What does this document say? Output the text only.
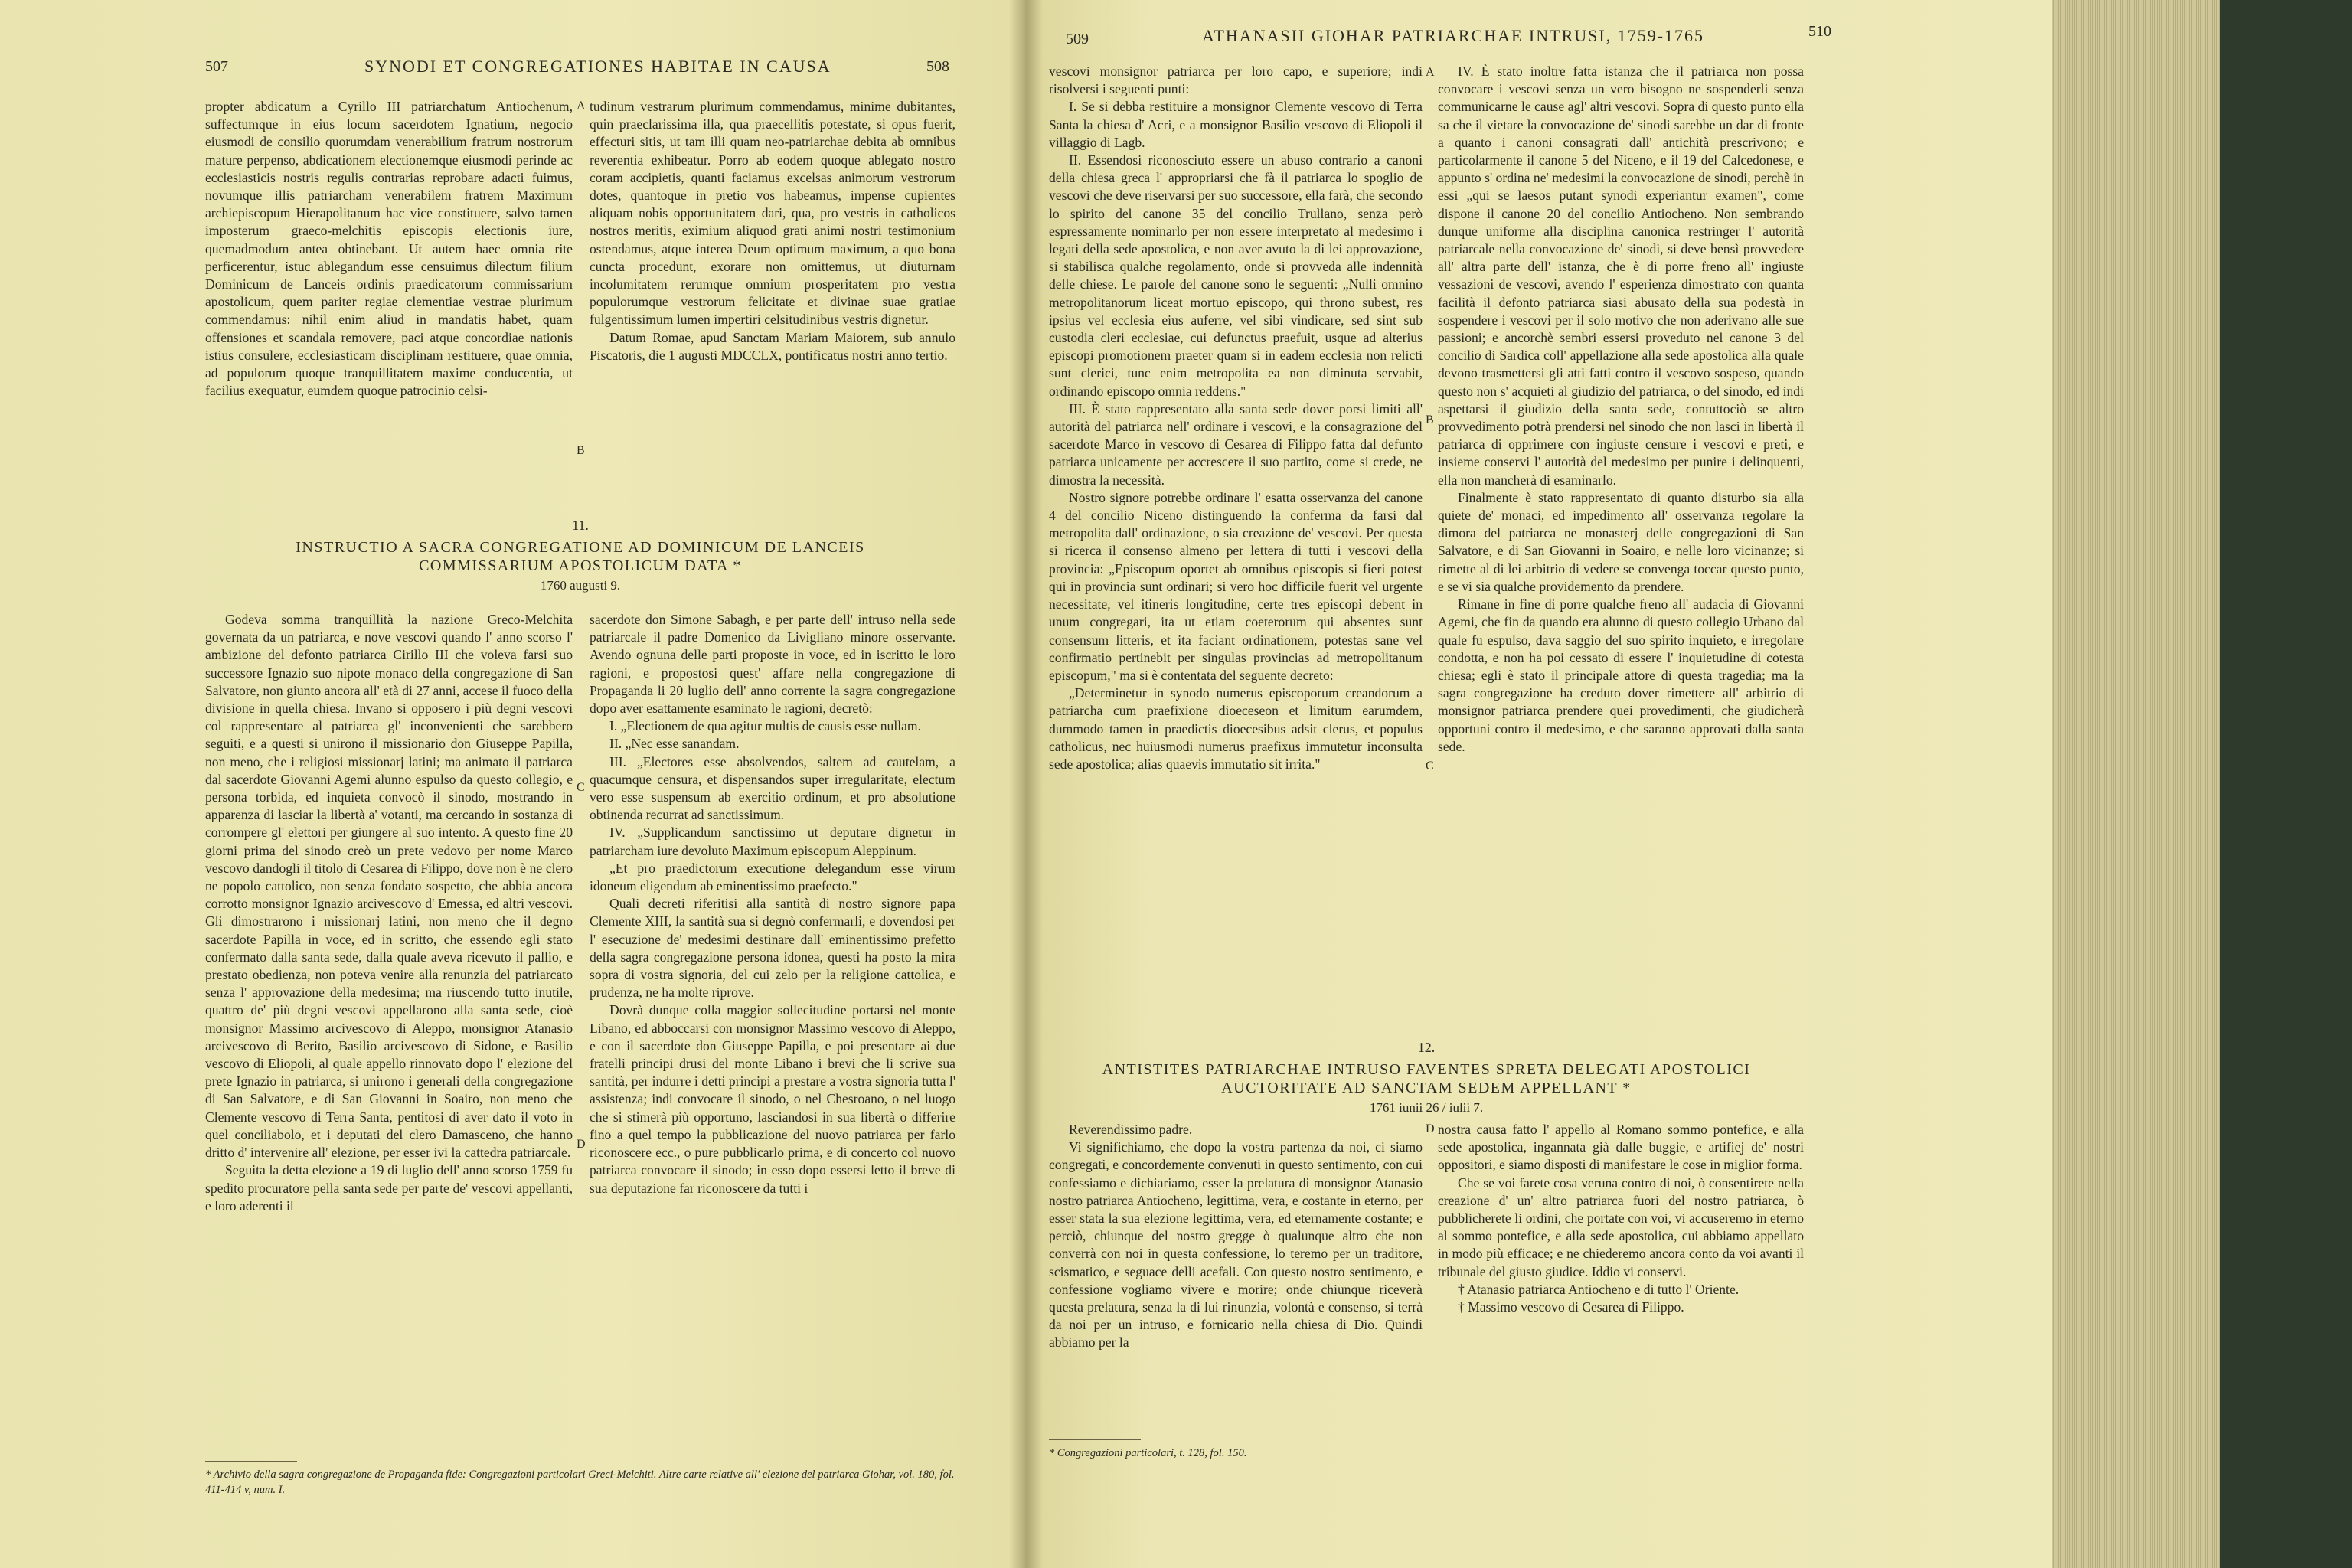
507	SYNODI ET CONGREGATIONES HABITAE IN CAUSA	508

propter abdicatum a Cyrillo III patriarchatum Antiochenum, suffectumque in eius locum sacerdotem Ignatium, negocio eiusmodi de consilio quorumdam venerabilium fratrum nostrorum mature perpenso, abdicationem electionemque eiusmodi perinde ac ecclesiasticis nostris regulis contrarias reprobare adacti fuimus, novumque illis patriarcham venerabilem fratrem Maximum archiepiscopum Hierapolitanum hac vice constituere, salvo tamen imposterum graeco-melchitis episcopis electionis iure, quemadmodum antea obtinebant. Ut autem haec omnia rite perficerentur, istuc ablegandum esse censuimus dilectum filium Dominicum de Lanceis ordinis praedicatorum commissarium apostolicum, quem pariter regiae clementiae vestrae plurimum commendamus: nihil enim aliud in mandatis habet, quam offensiones et scandala removere, paci atque concordiae nationis istius consulere, ecclesiasticam disciplinam restituere, quae omnia, ad populorum quoque tranquillitatem maxime conducentia, ut facilius exequatur, eumdem quoque patrocinio celsi-

tudinum vestrarum plurimum commendamus, minime dubitantes, quin praeclarissima illa, qua praecellitis potestate, si opus fuerit, effecturi sitis, ut tam illi quam neo-patriarchae debita ab omnibus reverentia exhibeatur. Porro ab eodem quoque ablegato nostro coram accipietis, quanti faciamus excelsas animorum vestrorum dotes, quantoque in pretio vos habeamus, impense cupientes aliquam nobis opportunitatem dari, qua, pro vestris in catholicos nostros meritis, eximium aliquod grati animi nostri testimonium ostendamus, atque interea Deum optimum maximum, a quo bona cuncta procedunt, exorare non omittemus, ut diuturnam incolumitatem rerumque omnium prosperitatem pro vestra populorumque vestrorum felicitate et divinae suae gratiae fulgentissimum lumen impertiri celsitudinibus vestris dignetur.

Datum Romae, apud Sanctam Mariam Maiorem, sub annulo Piscatoris, die 1 augusti MDCCLX, pontificatus nostri anno tertio.

A
B
C
D
11.
INSTRUCTIO A SACRA CONGREGATIONE AD DOMINICUM DE LANCEIS
COMMISSARIUM APOSTOLICUM DATA *
1760 augusti 9.

Godeva somma tranquillità la nazione Greco-Melchita governata da un patriarca, e nove vescovi quando l' anno scorso l' ambizione del defonto patriarca Cirillo III che voleva farsi suo successore Ignazio suo nipote monaco della congregazione di San Salvatore, non giunto ancora all' età di 27 anni, accese il fuoco della divisione in quella chiesa. Invano si opposero i più degni vescovi col rappresentare al patriarca gl' inconvenienti che sarebbero seguiti, e a questi si unirono il missionario don Giuseppe Papilla, non meno, che i religiosi missionarj latini; ma animato il patriarca dal sacerdote Giovanni Agemi alunno espulso da questo collegio, e persona torbida, ed inquieta convocò il sinodo, mostrando in apparenza di lasciar la libertà a' votanti, ma cercando in sostanza di corrompere gl' elettori per giungere al suo intento. A questo fine 20 giorni prima del sinodo creò un prete vedovo per nome Marco vescovo dandogli il titolo di Cesarea di Filippo, dove non è ne clero ne popolo cattolico, non senza fondato sospetto, che abbia ancora corrotto monsignor Ignazio arcivescovo d' Emessa, ed altri vescovi. Gli dimostrarono i missionarj latini, non meno che il degno sacerdote Papilla in voce, ed in scritto, che essendo egli stato confermato dalla santa sede, dalla quale aveva ricevuto il pallio, e prestato obedienza, non poteva venire alla renunzia del patriarcato senza l' approvazione della medesima; ma riuscendo tutto inutile, quattro de' più degni vescovi appellarono alla santa sede, cioè monsignor Massimo arcivescovo di Aleppo, monsignor Atanasio arcivescovo di Berito, Basilio arcivescovo di Sidone, e Basilio vescovo di Eliopoli, al quale appello rinnovato dopo l' elezione del prete Ignazio in patriarca, si unirono i generali della congregazione di San Salvatore, e di San Giovanni in Soairo, non meno che Clemente vescovo di Terra Santa, pentitosi di aver dato il voto in quel conciliabolo, et i deputati del clero Damasceno, che hanno dritto d' intervenire all' elezione, per esser ivi la cattedra patriarcale.

Seguita la detta elezione a 19 di luglio dell' anno scorso 1759 fu spedito procuratore pella santa sede per parte de' vescovi appellanti, e loro aderenti il

sacerdote don Simone Sabagh, e per parte dell' intruso nella sede patriarcale il padre Domenico da Livigliano minore osservante. Avendo ognuna delle parti proposte in voce, ed in iscritto le loro ragioni, e propostosi quest' affare nella congregazione di Propaganda li 20 luglio dell' anno corrente la sagra congregazione dopo aver esattamente esaminato le ragioni, decretò:

I. „Electionem de qua agitur multis de causis esse nullam.

II. „Nec esse sanandam.

III. „Electores esse absolvendos, saltem ad cautelam, a quacumque censura, et dispensandos super irregularitate, electum vero esse suspensum ab exercitio ordinum, et pro absolutione obtinenda recurrat ad sanctissimum.

IV. „Supplicandum sanctissimo ut deputare dignetur in patriarcham iure devoluto Maximum episcopum Aleppinum.

„Et pro praedictorum executione delegandum esse virum idoneum eligendum ab eminentissimo praefecto."

Quali decreti riferitisi alla santità di nostro signore papa Clemente XIII, la santità sua si degnò confermarli, e dovendosi per l' esecuzione de' medesimi destinare dall' eminentissimo prefetto della sagra congregazione persona idonea, questi ha posto la mira sopra di vostra signoria, del cui zelo per la religione cattolica, e prudenza, ne ha molte riprove.

Dovrà dunque colla maggior sollecitudine portarsi nel monte Libano, ed abboccarsi con monsignor Massimo vescovo di Aleppo, e con il sacerdote don Giuseppe Papilla, e poi presentare ai due fratelli principi drusi del monte Libano i brevi che li scrive sua santità, per indurre i detti principi a prestare a vostra signoria tutta l' assistenza; indi convocare il sinodo, o nel Chesroano, o nel luogo che si stimerà più opportuno, lasciandosi in sua libertà o differire fino a quel tempo la pubblicazione del nuovo patriarca per farlo riconoscere ecc., o pure pubblicarlo prima, e di concerto col nuovo patriarca convocare il sinodo; in esso dopo essersi letto il breve di sua deputazione far riconoscere da tutti i

* Archivio della sagra congregazione de Propaganda fide: Congregazioni particolari Greci-Melchiti. Altre carte relative all' elezione del patriarca Giohar, vol. 180, fol. 411-414 v, num. I.
509	ATHANASII GIOHAR PATRIARCHAE INTRUSI, 1759-1765	510

vescovi monsignor patriarca per loro capo, e superiore; indi risolversi i seguenti punti:

I. Se si debba restituire a monsignor Clemente vescovo di Terra Santa la chiesa d' Acri, e a monsignor Basilio vescovo di Eliopoli il villaggio di Lagb.

II. Essendosi riconosciuto essere un abuso contrario a canoni della chiesa greca l' appropriarsi che fà il patriarca lo spoglio de vescovi che deve riservarsi per suo successore, ella farà, che secondo lo spirito del canone 35 del concilio Trullano, senza però espressamente nominarlo per non essere interpretato al medesimo i legati della sede apostolica, e non aver avuto la di lei approvazione, si stabilisca qualche regolamento, onde si provveda alle indennità delle chiese. Le parole del canone sono le seguenti: „Nulli omnino metropolitanorum liceat mortuo episcopo, qui throno subest, res ipsius vel ecclesia eius auferre, vel sibi vindicare, sed sint sub custodia cleri ecclesiae, cui defunctus praefuit, usque ad alterius episcopi promotionem praeter quam si in eadem ecclesia non relicti sunt clerici, tunc enim metropolita ea non diminuta servabit, ordinando episcopo omnia reddens."

III. È stato rappresentato alla santa sede dover porsi limiti all' autorità del patriarca nell' ordinare i vescovi, e la consagrazione del sacerdote Marco in vescovo di Cesarea di Filippo fatta dal defunto patriarca unicamente per accrescere il suo partito, come si crede, ne dimostra la necessità.

Nostro signore potrebbe ordinare l' esatta osservanza del canone 4 del concilio Niceno distinguendo la conferma da farsi dal metropolita dall' ordinazione, o sia creazione de' vescovi. Per questa si ricerca il consenso almeno per lettera di tutti i vescovi della provincia: „Episcopum oportet ab omnibus episcopis si fieri potest qui in provincia sunt ordinari; si vero hoc difficile fuerit vel urgente necessitate, vel itineris longitudine, certe tres episcopi debent in unum congregari, ita ut etiam coeterorum qui absentes sunt consensum litteris, et ita faciant ordinationem, potestas sane vel confirmatio pertinebit per singulas provincias ad metropolitanum episcopum," ma si è contentata del seguente decreto:

„Determinetur in synodo numerus episcoporum creandorum a patriarcha cum praefixione dioeceseon et limitum earumdem, dummodo tamen in praedictis dioecesibus adsit clerus, et populus catholicus, nec huiusmodi numerus praefixus immutetur inconsulta sede apostolica; alias quaevis immutatio sit irrita."

IV. È stato inoltre fatta istanza che il patriarca non possa convocare i vescovi senza un vero bisogno ne sospenderli senza communicarne le cause agl' altri vescovi. Sopra di questo punto ella sa che il vietare la convocazione de' sinodi sarebbe un dar di fronte a quanto i canoni consagrati dall' antichità prescrivono; e particolarmente il canone 5 del Niceno, e il 19 del Calcedonese, e appunto s' ordina ne' medesimi la convocazione de sinodi, perchè in essi „qui se laesos putant synodi experiantur examen", come dispone il canone 20 del concilio Antiocheno. Non sembrando dunque uniforme alla disciplina canonica restringer l' autorità patriarcale nella convocazione de' sinodi, si deve bensì provvedere all' altra parte dell' istanza, che è di porre freno all' ingiuste vessazioni de vescovi, avendo l' esperienza dimostrato con quanta facilità il defonto patriarca siasi abusato della sua podestà in sospendere i vescovi per il solo motivo che non aderivano alle sue passioni; e ancorchè sembri essersi proveduto nel canone 3 del concilio di Sardica coll' appellazione alla sede apostolica alla quale devono trasmettersi gli atti fatti contro il vescovo sospeso, quando questo non s' acquieti al giudizio del patriarca, o del sinodo, ed indi aspettarsi il giudizio della santa sede, contuttociò se altro provvedimento potrà prendersi nel sinodo che non lasci in libertà il patriarca di opprimere con ingiuste censure i vescovi e preti, e insieme conservi l' autorità del medesimo per punire i delinquenti, ella non mancherà di esaminarlo.

Finalmente è stato rappresentato di quanto disturbo sia alla quiete de' monaci, ed impedimento all' osservanza regolare la dimora del patriarca ne monasterj delle congregazioni di San Salvatore, e di San Giovanni in Soairo, e nelle loro vicinanze; si rimette al di lei arbitrio di vedere se convenga toccar questo punto, e se vi sia qualche providemento da prendere.

Rimane in fine di porre qualche freno all' audacia di Giovanni Agemi, che fin da quando era alunno di questo collegio Urbano dal quale fu espulso, dava saggio del suo spirito inquieto, e irregolare condotta, e non ha poi cessato di essere l' inquietudine di cotesta chiesa; egli è stato il principale attore di questa tragedia; ma la sagra congregazione ha creduto dover rimettere all' arbitrio di monsignor patriarca prendere quei provedimenti, che giudicherà opportuni contro il medesimo, e che saranno approvati dalla santa sede.

A
B
C
D
12.
ANTISTITES PATRIARCHAE INTRUSO FAVENTES SPRETA DELEGATI APOSTOLICI
AUCTORITATE AD SANCTAM SEDEM APPELLANT *
1761 iunii 26 / iulii 7.

Reverendissimo padre.

Vi significhiamo, che dopo la vostra partenza da noi, ci siamo congregati, e concordemente convenuti in questo sentimento, con cui confessiamo e dichiariamo, esser la prelatura di monsignor Atanasio nostro patriarca Antiocheno, legittima, vera, e costante in eterno, per esser stata la sua elezione legittima, vera, ed eternamente costante; e perciò, chiunque del nostro gregge ò qualunque altro che non converrà con noi in questa confessione, lo teremo per un traditore, scismatico, e seguace delli acefali. Con questo nostro sentimento, e confessione vogliamo vivere e morire; onde chiunque riceverà questa prelatura, senza la di lui rinunzia, volontà e consenso, si terrà da noi per un intruso, e fornicario nella chiesa di Dio. Quindi abbiamo per la

nostra causa fatto l' appello al Romano sommo pontefice, e alla sede apostolica, ingannata già dalle buggie, e artifiej de' nostri oppositori, e siamo disposti di manifestare le cose in miglior forma.

Che se voi farete cosa veruna contro di noi, ò consentirete nella creazione d' un' altro patriarca fuori del nostro patriarca, ò pubblicherete li ordini, che portate con voi, vi accuseremo in eterno al sommo pontefice, e alla sede apostolica, cui abbiamo appellato in modo più efficace; e ne chiederemo ancora conto da voi avanti il tribunale del giusto giudice. Iddio vi conservi.

† Atanasio patriarca Antiocheno e di tutto l' Oriente.

† Massimo vescovo di Cesarea di Filippo.

* Congregazioni particolari, t. 128, fol. 150.
